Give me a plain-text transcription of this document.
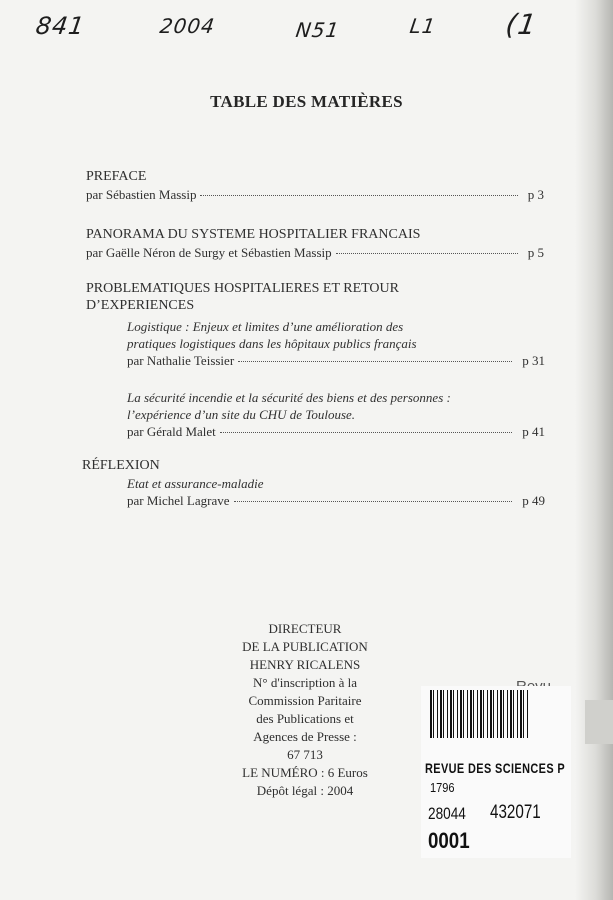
841	2004	N51	L1 (1
TABLE DES MATIÈRES
PREFACE
par Sébastien Massip	p 3
PANORAMA DU SYSTEME HOSPITALIER FRANCAIS
par Gaëlle Néron de Surgy et Sébastien Massip	p 5
PROBLEMATIQUES HOSPITALIERES ET RETOUR
D’EXPERIENCES
Logistique : Enjeux et limites d’une amélioration des
pratiques logistiques dans les hôpitaux publics français
par Nathalie Teissier	p 31
La sécurité incendie et la sécurité des biens et des personnes :
l’expérience d’un site du CHU de Toulouse.
par Gérald Malet	p 41
RÉFLEXION
Etat et assurance-maladie
par Michel Lagrave	p 49
DIRECTEUR
DE LA PUBLICATION
HENRY RICALENS
N° d'inscription à la
Commission Paritaire
des Publications et
Agences de Presse :
67 713
LE NUMÉRO : 6 Euros
Dépôt légal : 2004
REVUE DES SCIENCES P
1796
28044 432071
0001
